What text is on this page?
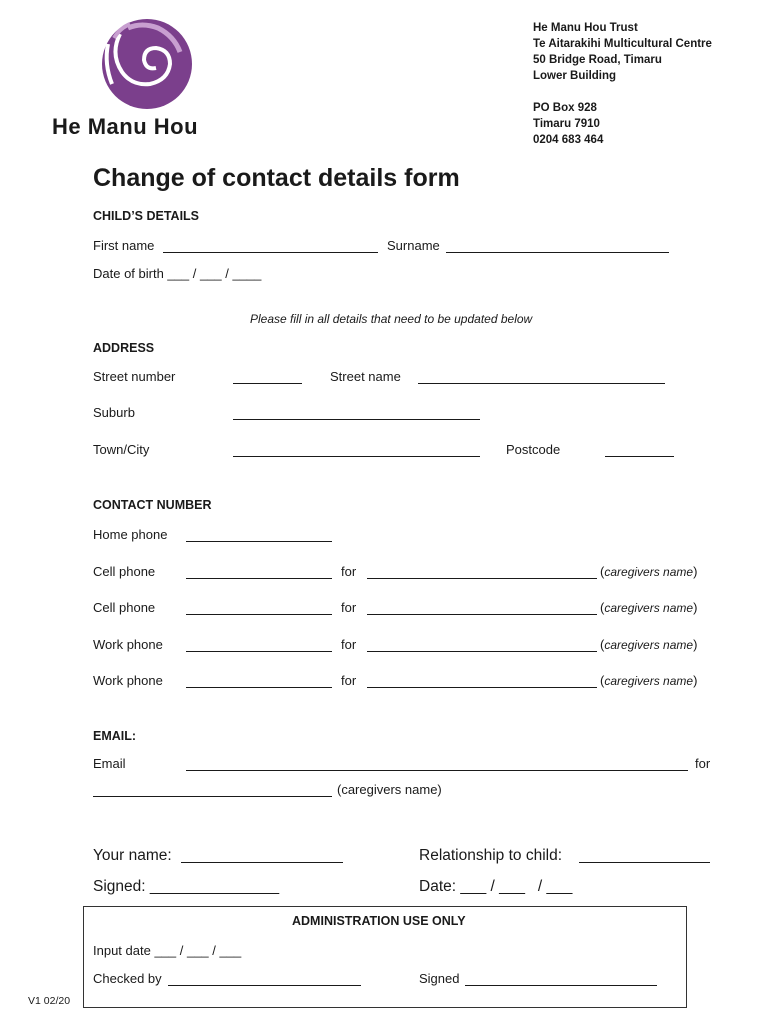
He Manu Hou
He Manu Hou Trust
Te Aitarakihi Multicultural Centre
50 Bridge Road, Timaru
Lower Building
PO Box 928
Timaru 7910
0204 683 464
Change of contact details form
CHILD’S DETAILS
First name	Surname
Date of birth ___ / ___ / ____
Please fill in all details that need to be updated below
ADDRESS
Street number	Street name
Suburb
Town/City	Postcode
CONTACT NUMBER
Home phone
Cell phone	for	(caregivers name)
Cell phone	for	(caregivers name)
Work phone	for	(caregivers name)
Work phone	for	(caregivers name)
EMAIL:
Email	for
(caregivers name)
Your name:	Relationship to child:
Signed: _______________	Date: ___ / ___   / ___
ADMINISTRATION USE ONLY
Input date ___ / ___ / ___
Checked by	Signed
V1 02/20
